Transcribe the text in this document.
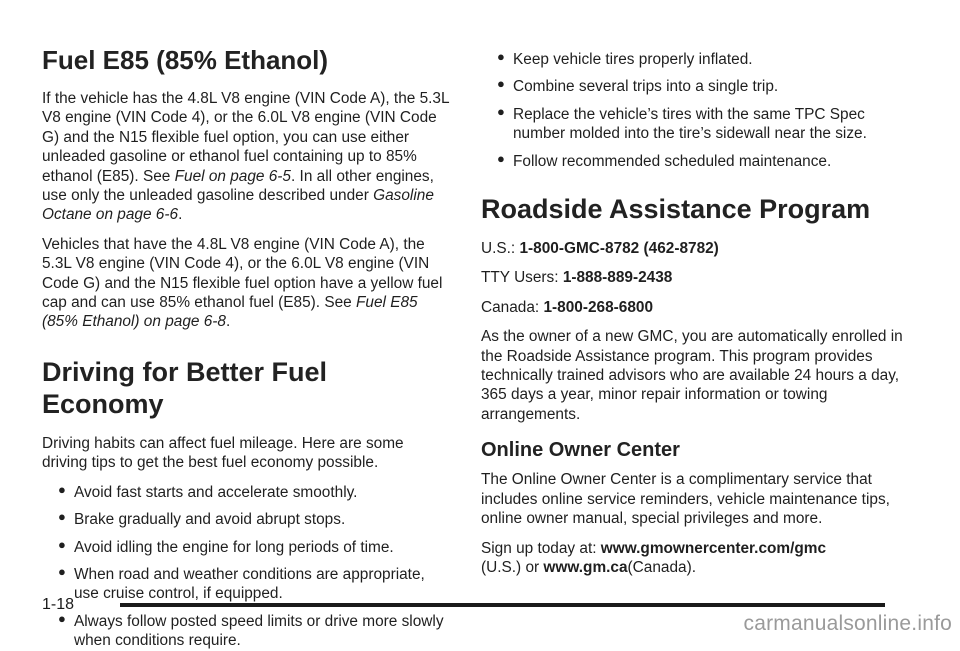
Fuel E85 (85% Ethanol)

If the vehicle has the 4.8L V8 engine (VIN Code A), the 5.3L V8 engine (VIN Code 4), or the 6.0L V8 engine (VIN Code G) and the N15 flexible fuel option, you can use either unleaded gasoline or ethanol fuel containing up to 85% ethanol (E85). See Fuel on page 6-5. In all other engines, use only the unleaded gasoline described under Gasoline Octane on page 6-6.

Vehicles that have the 4.8L V8 engine (VIN Code A), the 5.3L V8 engine (VIN Code 4), or the 6.0L V8 engine (VIN Code G) and the N15 flexible fuel option have a yellow fuel cap and can use 85% ethanol fuel (E85). See Fuel E85 (85% Ethanol) on page 6-8.

Driving for Better Fuel Economy

Driving habits can affect fuel mileage. Here are some driving tips to get the best fuel economy possible.

● Avoid fast starts and accelerate smoothly.
● Brake gradually and avoid abrupt stops.
● Avoid idling the engine for long periods of time.
● When road and weather conditions are appropriate, use cruise control, if equipped.
● Always follow posted speed limits or drive more slowly when conditions require.
● Keep vehicle tires properly inflated.
● Combine several trips into a single trip.
● Replace the vehicle’s tires with the same TPC Spec number molded into the tire’s sidewall near the size.
● Follow recommended scheduled maintenance.
Roadside Assistance Program

U.S.: 1-800-GMC-8782 (462-8782)

TTY Users: 1-888-889-2438

Canada: 1-800-268-6800

As the owner of a new GMC, you are automatically enrolled in the Roadside Assistance program. This program provides technically trained advisors who are available 24 hours a day, 365 days a year, minor repair information or towing arrangements.

Online Owner Center

The Online Owner Center is a complimentary service that includes online service reminders, vehicle maintenance tips, online owner manual, special privileges and more.

Sign up today at: www.gmownercenter.com/gmc
(U.S.) or www.gm.ca(Canada).

1-18
carmanualsonline.info
